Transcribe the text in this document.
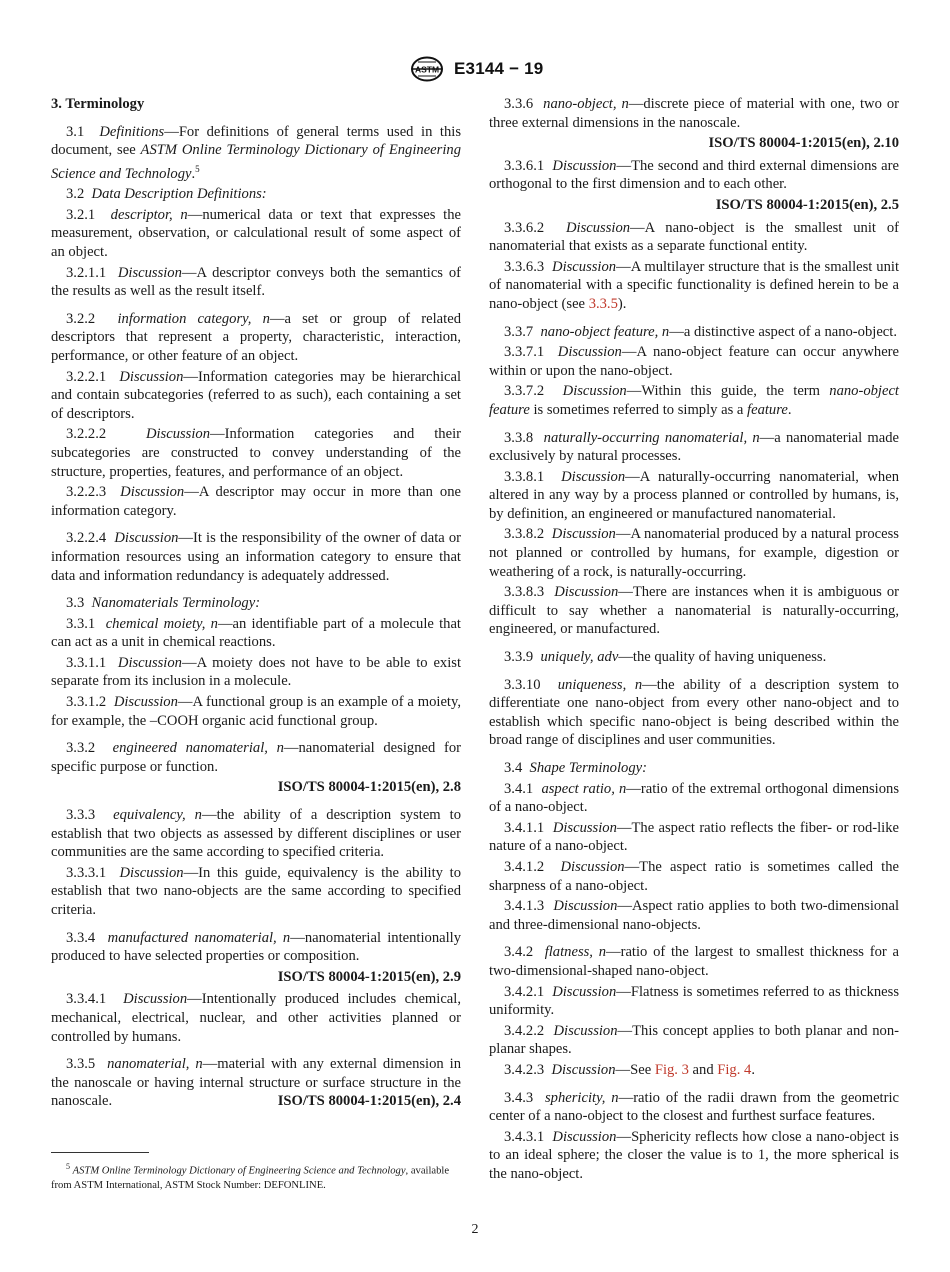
ASTM E3144 − 19
3. Terminology

3.1 Definitions—For definitions of general terms used in this document, see ASTM Online Terminology Dictionary of Engineering Science and Technology.$^5$

3.2 Data Description Definitions:

3.2.1 descriptor, n—numerical data or text that expresses the measurement, observation, or calculational result of some aspect of an object.

3.2.1.1 Discussion—A descriptor conveys both the semantics of the results as well as the result itself.

3.2.2 information category, n—a set or group of related descriptors that represent a property, characteristic, interaction, performance, or other feature of an object.

3.2.2.1 Discussion—Information categories may be hierarchical and contain subcategories (referred to as such), each containing a set of descriptors.

3.2.2.2	Discussion—Information categories and their subcategories are constructed to convey understanding of the structure, properties, features, and performance of an object.

3.2.2.3 Discussion—A descriptor may occur in more than one information category.

3.2.2.4 Discussion—It is the responsibility of the owner of data or information resources using an information category to ensure that data and information redundancy is adequately addressed.

3.3 Nanomaterials Terminology:

3.3.1 chemical moiety, n—an identifiable part of a molecule that can act as a unit in chemical reactions.

3.3.1.1 Discussion—A moiety does not have to be able to exist separate from its inclusion in a molecule.

3.3.1.2 Discussion—A functional group is an example of a moiety, for example, the –COOH organic acid functional group.

3.3.2 engineered nanomaterial, n—nanomaterial designed for specific purpose or function.

ISO/TS 80004-1:2015(en), 2.8

3.3.3 equivalency, n—the ability of a description system to establish that two objects as assessed by different disciplines or user communities are the same according to specified criteria.

3.3.3.1 Discussion—In this guide, equivalency is the ability to establish that two nano-objects are the same according to specified criteria.

3.3.4 manufactured nanomaterial, n—nanomaterial intentionally produced to have selected properties or composition.

ISO/TS 80004-1:2015(en), 2.9

3.3.4.1 Discussion—Intentionally produced includes chemical, mechanical, electrical, nuclear, and other activities planned or controlled by humans.

3.3.5 nanomaterial, n—material with any external dimension in the nanoscale or having internal structure or surface structure in the nanoscale.	ISO/TS 80004-1:2015(en), 2.4

3.3.6 nano-object, n—discrete piece of material with one, two or three external dimensions in the nanoscale.

ISO/TS 80004-1:2015(en), 2.10

3.3.6.1 Discussion—The second and third external dimensions are orthogonal to the first dimension and to each other.

ISO/TS 80004-1:2015(en), 2.5

3.3.6.2 Discussion—A nano-object is the smallest unit of nanomaterial that exists as a separate functional entity.

3.3.6.3 Discussion—A multilayer structure that is the smallest unit of nanomaterial with a specific functionality is defined herein to be a nano-object (see 3.3.5).

3.3.7 nano-object feature, n—a distinctive aspect of a nano-object.

3.3.7.1 Discussion—A nano-object feature can occur anywhere within or upon the nano-object.

3.3.7.2 Discussion—Within this guide, the term nano-object feature is sometimes referred to simply as a feature.

3.3.8 naturally-occurring nanomaterial, n—a nanomaterial made exclusively by natural processes.

3.3.8.1 Discussion—A naturally-occurring nanomaterial, when altered in any way by a process planned or controlled by humans, is, by definition, an engineered or manufactured nanomaterial.

3.3.8.2 Discussion—A nanomaterial produced by a natural process not planned or controlled by humans, for example, digestion or weathering of a rock, is naturally-occurring.

3.3.8.3 Discussion—There are instances when it is ambiguous or difficult to say whether a nanomaterial is naturally-occurring, engineered, or manufactured.

3.3.9 uniquely, adv—the quality of having uniqueness.

3.3.10 uniqueness, n—the ability of a description system to differentiate one nano-object from every other nano-object and to establish which specific nano-object is being described within the broad range of disciplines and user communities.

3.4 Shape Terminology:

3.4.1 aspect ratio, n—ratio of the extremal orthogonal dimensions of a nano-object.

3.4.1.1 Discussion—The aspect ratio reflects the fiber- or rod-like nature of a nano-object.

3.4.1.2 Discussion—The aspect ratio is sometimes called the sharpness of a nano-object.

3.4.1.3 Discussion—Aspect ratio applies to both two-dimensional and three-dimensional nano-objects.

3.4.2 flatness, n—ratio of the largest to smallest thickness for a two-dimensional-shaped nano-object.

3.4.2.1 Discussion—Flatness is sometimes referred to as thickness uniformity.

3.4.2.2 Discussion—This concept applies to both planar and non-planar shapes.

3.4.2.3 Discussion—See Fig. 3 and Fig. 4.

3.4.3 sphericity, n—ratio of the radii drawn from the geometric center of a nano-object to the closest and furthest surface features.

3.4.3.1 Discussion—Sphericity reflects how close a nano-object is to an ideal sphere; the closer the value is to 1, the more spherical is the nano-object.

$^5$ ASTM Online Terminology Dictionary of Engineering Science and Technology, available from ASTM International, ASTM Stock Number: DEFONLINE.
2
